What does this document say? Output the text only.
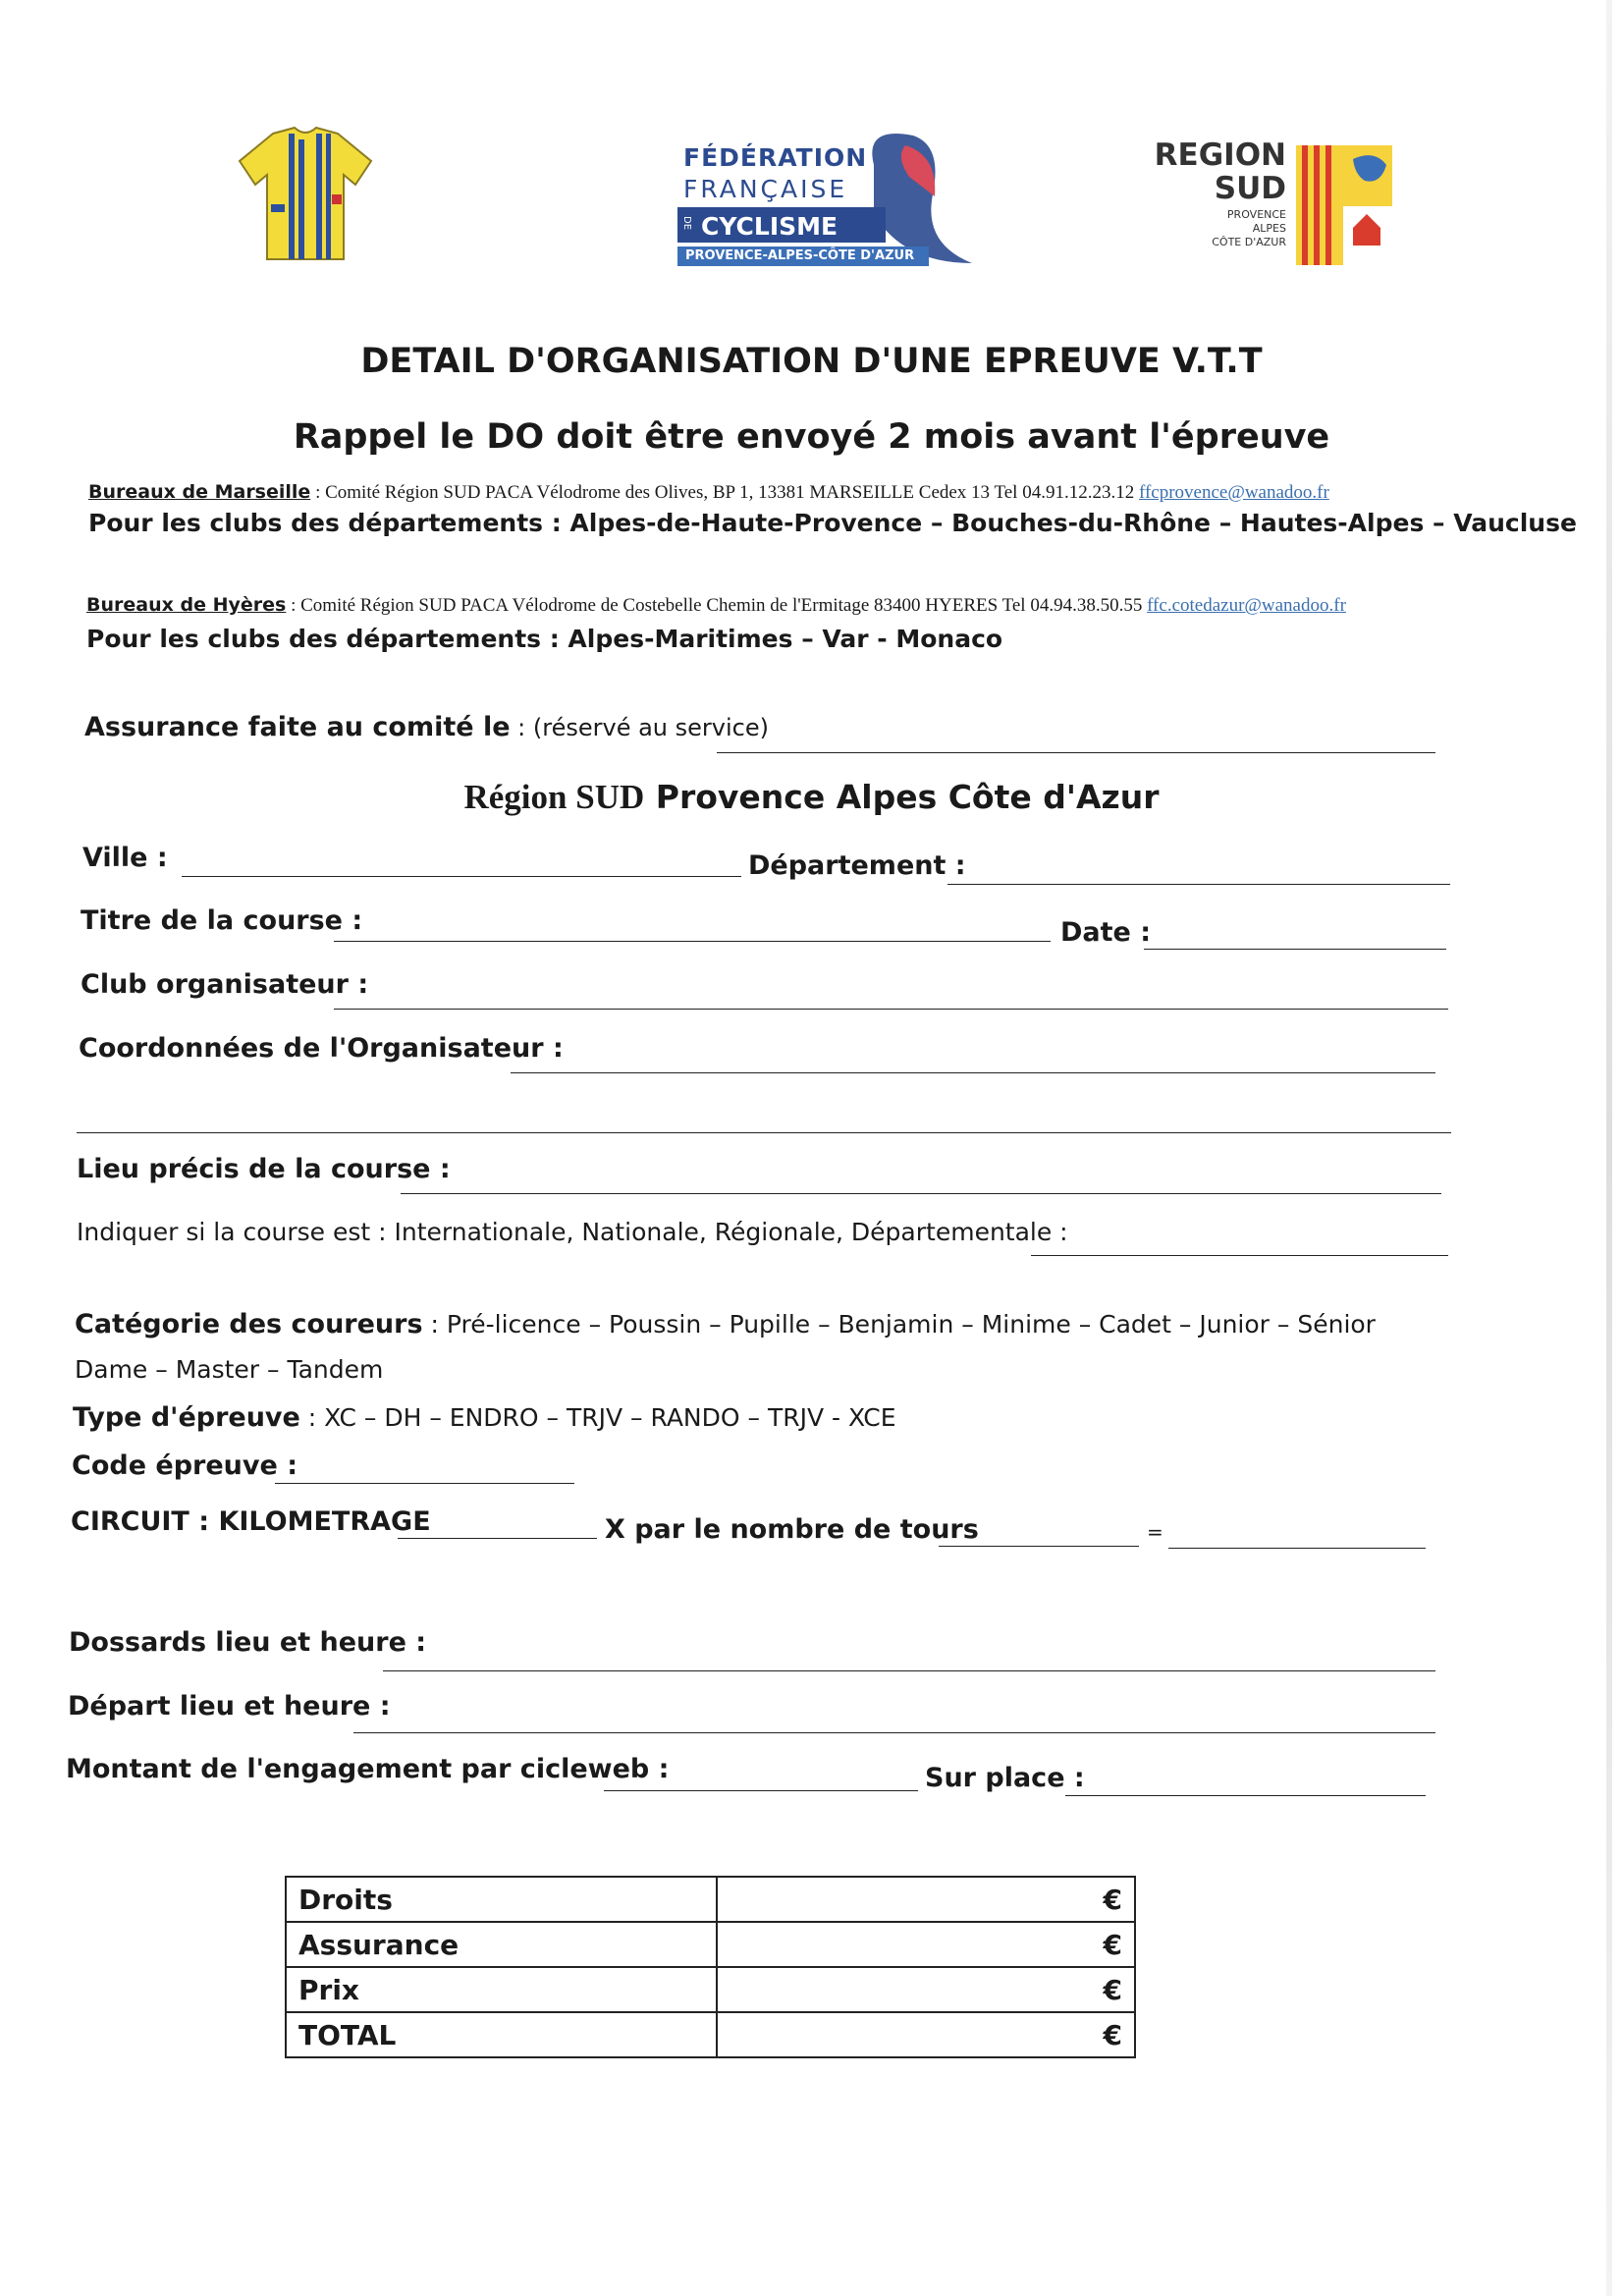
FÉDÉRATION
FRANÇAISE
DE CYCLISME
PROVENCE-ALPES-CÔTE D'AZUR
REGION
SUD
PROVENCE
ALPES
CÔTE D'AZUR
DETAIL D'ORGANISATION D'UNE EPREUVE V.T.T
Rappel le DO doit être envoyé 2 mois avant l'épreuve
Bureaux de Marseille : Comité Région SUD PACA Vélodrome des Olives, BP 1, 13381 MARSEILLE Cedex 13 Tel 04.91.12.23.12 ffcprovence@wanadoo.fr
Pour les clubs des départements : Alpes-de-Haute-Provence – Bouches-du-Rhône – Hautes-Alpes – Vaucluse
Bureaux de Hyères : Comité Région SUD PACA Vélodrome de Costebelle Chemin de l'Ermitage 83400 HYERES Tel 04.94.38.50.55 ffc.cotedazur@wanadoo.fr
Pour les clubs des départements : Alpes-Maritimes – Var - Monaco
Assurance faite au comité le : (réservé au service)
Région SUD Provence Alpes Côte d'Azur
Ville :	Département :
Titre de la course :	Date :
Club organisateur :
Coordonnées de l'Organisateur :
Lieu précis de la course :
Indiquer si la course est : Internationale, Nationale, Régionale, Départementale :
Catégorie des coureurs : Pré-licence – Poussin – Pupille – Benjamin – Minime – Cadet – Junior – Sénior
Dame – Master – Tandem
Type d'épreuve : XC – DH – ENDRO – TRJV – RANDO – TRJV - XCE
Code épreuve :
CIRCUIT : KILOMETRAGE	X par le nombre de tours	=
Dossards lieu et heure :
Départ lieu et heure :
Montant de l'engagement par cicleweb :	Sur place :
Droits	€
Assurance	€
Prix	€
TOTAL	€
